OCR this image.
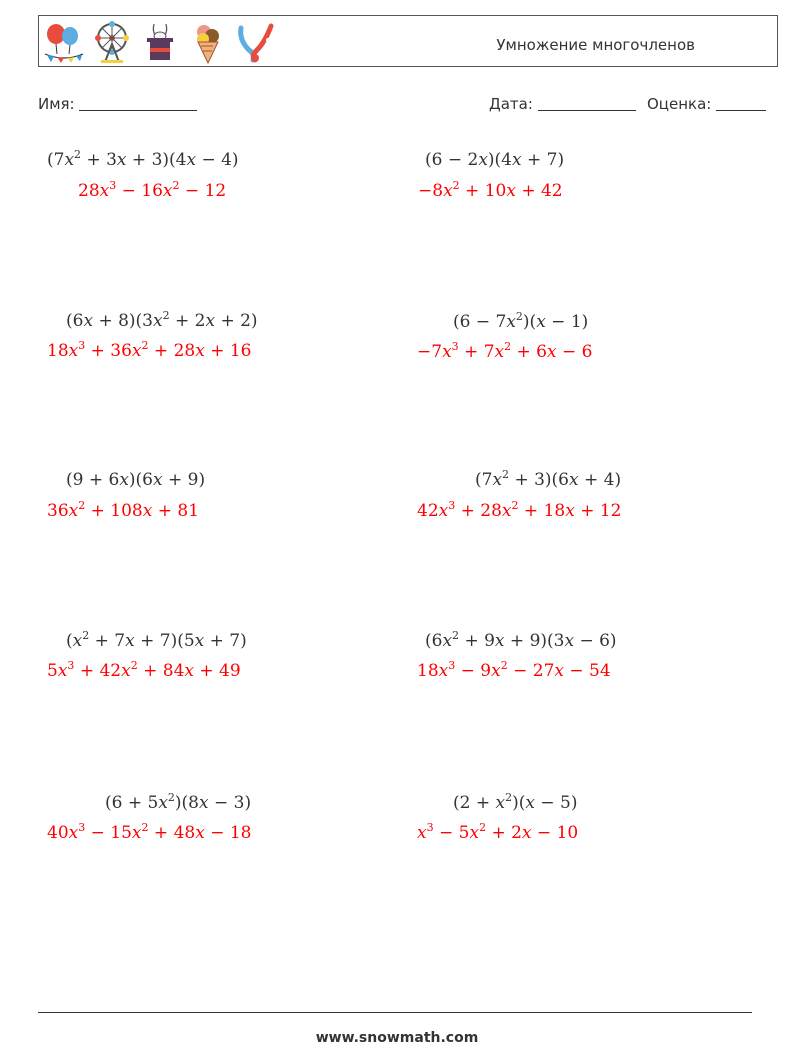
Умножение многочленов
Имя:	Дата:	Оценка:
$(7x^2 + 3x + 3)(4x - 4)$
$28x^3 - 16x^2 - 12$
(6 − 2x)(4x + 7)
$-8x^2 + 10x + 42$
$(6x + 8)(3x^2 + 2x + 2)$
$18x^3 + 36x^2 + 28x + 16$
$(6 - 7x^2)(x - 1)$
$-7x^3 + 7x^2 + 6x - 6$
(9 + 6x)(6x + 9)
$36x^2 + 108x + 81$
$(7x^2 + 3)(6x + 4)$
$42x^3 + 28x^2 + 18x + 12$
$(x^2 + 7x + 7)(5x + 7)$
$5x^3 + 42x^2 + 84x + 49$
$(6x^2 + 9x + 9)(3x - 6)$
$18x^3 - 9x^2 - 27x - 54$
$(6 + 5x^2)(8x - 3)$
$40x^3 - 15x^2 + 48x - 18$
$(2 + x^2)(x - 5)$
$x^3 - 5x^2 + 2x - 10$
www.snowmath.com
